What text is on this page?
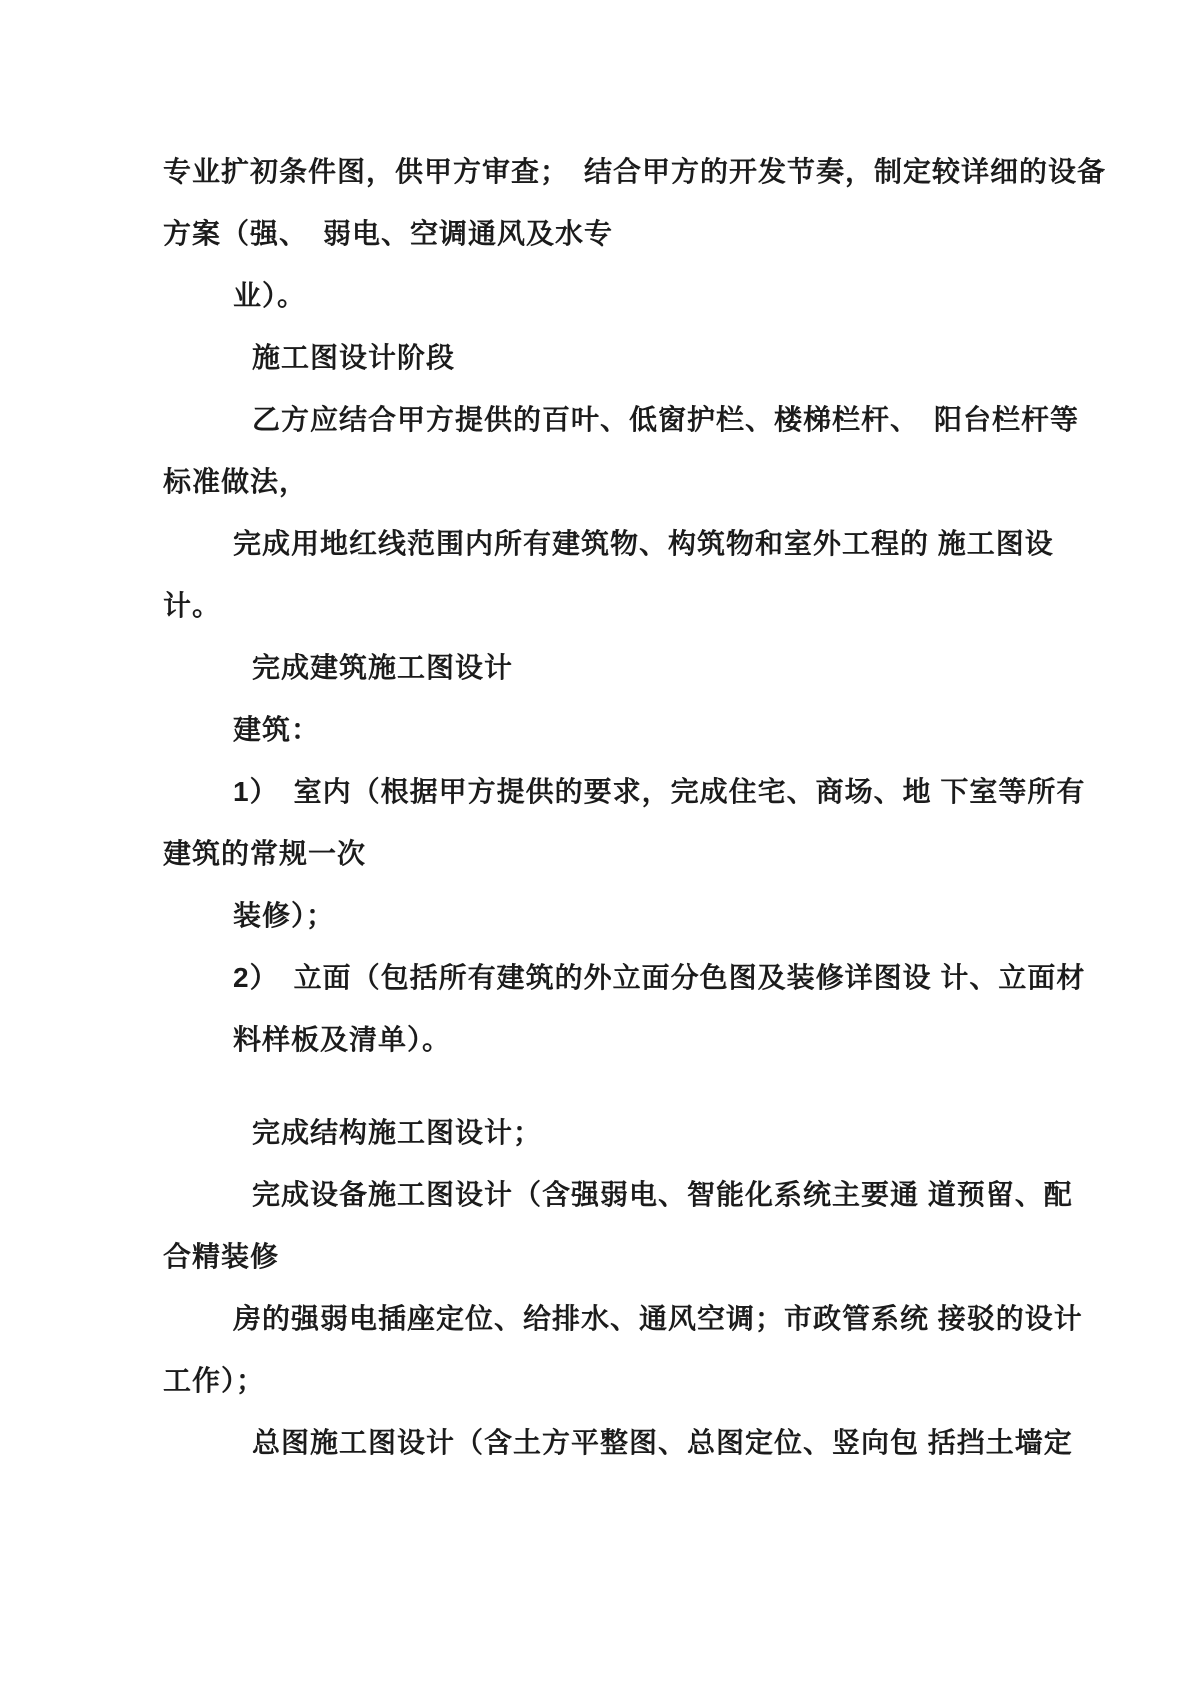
专业扩初条件图，供甲方审查；　结合甲方的开发节奏，制定较详细的设备
方案（强、　弱电、空调通风及水专
业）。
施工图设计阶段
乙方应结合甲方提供的百叶、低窗护栏、楼梯栏杆、　阳台栏杆等
标准做法，
完成用地红线范围内所有建筑物、构筑物和室外工程的 施工图设
计。
完成建筑施工图设计
建筑：
1）　室内（根据甲方提供的要求，完成住宅、商场、地 下室等所有
建筑的常规一次
装修）；
2）　立面（包括所有建筑的外立面分色图及装修详图设 计、立面材
料样板及清单）。
完成结构施工图设计；
完成设备施工图设计（含强弱电、智能化系统主要通 道预留、配
合精装修
房的强弱电插座定位、给排水、通风空调；市政管系统 接驳的设计
工作）；
总图施工图设计（含土方平整图、总图定位、竖向包 括挡土墙定
